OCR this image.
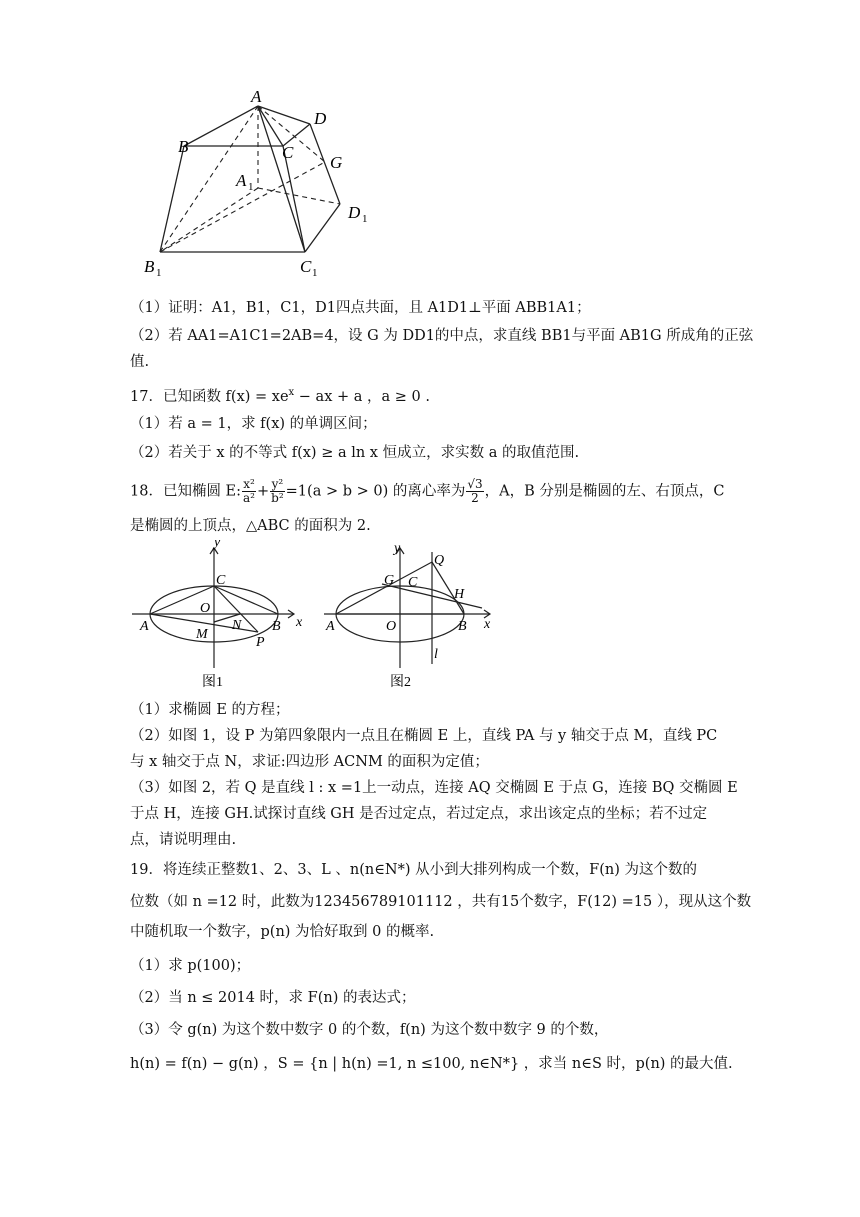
A
D
B	C
G
A 1
D 1
B 1	C 1
（1）证明：A1，B1，C1，D1四点共面，且 A1D1⊥平面 ABB1A1；
（2）若 AA1=A1C1=2AB=4，设 G 为 DD1的中点，求直线 BB1与平面 AB1G 所成角的正弦
值.
17．已知函数 $f(x) = xe^x$ − ax + a ，a ≥ 0 .
（1）若 a = 1，求 f(x) 的单调区间；
（2）若关于 x 的不等式 f(x) ≥ a ln x 恒成立，求实数 a 的取值范围.
18．已知椭圆 E: $\frac{\text{x²}}{\text{a²}} + \frac{\text{y²}}{\text{b²}} =1(a > b > 0)$ 的离心率为 $\frac{√3}{2}$ ，A，B 分别是椭圆的左、右顶点，C
是椭圆的上顶点，△ABC 的面积为 2.
y
x
C
O
A	B
M
N
P
图1
y
x
Q
G C
H
A	O	B
l
图2
（1）求椭圆 E 的方程；
（2）如图 1，设 P 为第四象限内一点且在椭圆 E 上，直线 PA 与 y 轴交于点 M，直线 PC
与 x 轴交于点 N，求证:四边形 ACNM 的面积为定值；
（3）如图 2，若 Q 是直线 l : x =1上一动点，连接 AQ 交椭圆 E 于点 G，连接 BQ 交椭圆 E
于点 H，连接 GH.试探讨直线 GH 是否过定点，若过定点，求出该定点的坐标；若不过定
点，请说明理由.
19．将连续正整数1、2、3、L 、n(n∈N*) 从小到大排列构成一个数，F(n) 为这个数的
位数（如 n =12 时，此数为123456789101112 ，共有15个数字，F(12) =15 ），现从这个数
中随机取一个数字，p(n) 为恰好取到 0 的概率.
（1）求 p(100)；
（2）当 n ≤ 2014 时，求 F(n) 的表达式；
（3）令 g(n) 为这个数中数字 0 的个数，f(n) 为这个数中数字 9 的个数，
h(n) = f(n) − g(n) ，S = {n | h(n) =1, n ≤100, n∈N*} ，求当 n∈S 时，p(n) 的最大值.
